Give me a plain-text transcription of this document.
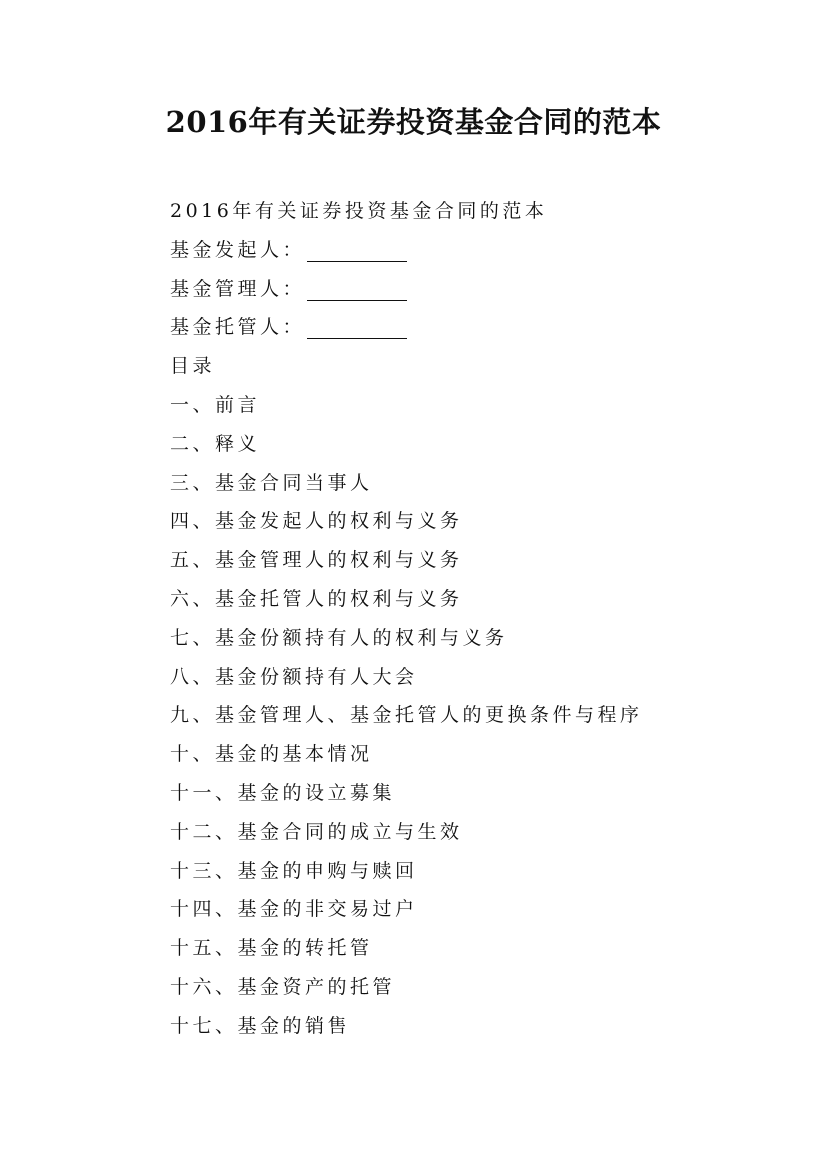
2016年有关证券投资基金合同的范本
2016年有关证券投资基金合同的范本
基金发起人：
基金管理人：
基金托管人：
目录
一、前言
二、释义
三、基金合同当事人
四、基金发起人的权利与义务
五、基金管理人的权利与义务
六、基金托管人的权利与义务
七、基金份额持有人的权利与义务
八、基金份额持有人大会
九、基金管理人、基金托管人的更换条件与程序
十、基金的基本情况
十一、基金的设立募集
十二、基金合同的成立与生效
十三、基金的申购与赎回
十四、基金的非交易过户
十五、基金的转托管
十六、基金资产的托管
十七、基金的销售
